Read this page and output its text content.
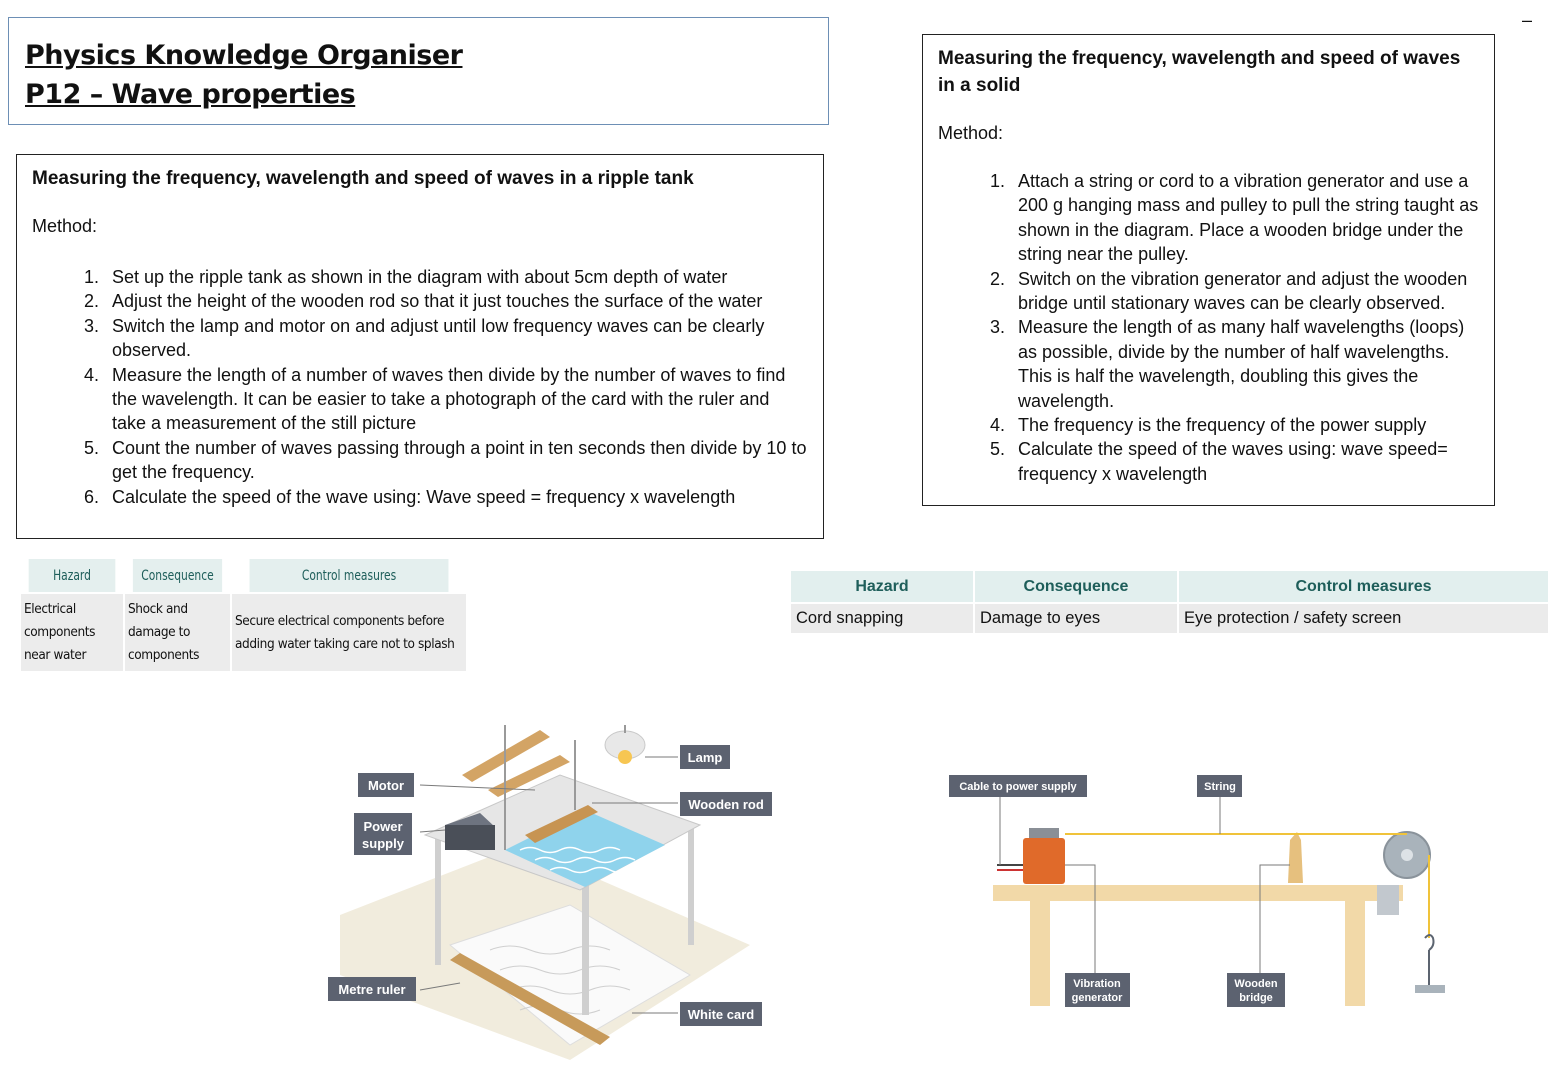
Physics Knowledge Organiser
P12 – Wave properties
–
Measuring the frequency, wavelength and speed of waves in a ripple tank
Method:
1. Set up the ripple tank as shown in the diagram with about 5cm depth of water
2. Adjust the height of the wooden rod so that it just touches the surface of the water
3. Switch the lamp and motor on and adjust until low frequency waves can be clearly observed.
4. Measure the length of a number of waves then divide by the number of waves to find the wavelength. It can be easier to take a photograph of the card with the ruler and take a measurement of the still picture
5. Count the number of waves passing through a point in ten seconds then divide by 10 to get the frequency.
6. Calculate the speed of the wave using: Wave speed = frequency x wavelength
Measuring the frequency, wavelength and speed of waves in a solid
Method:
1. Attach a string or cord to a vibration generator and use a 200 g hanging mass and pulley to pull the string taught as shown in the diagram. Place a wooden bridge under the string near the pulley.
2. Switch on the vibration generator and adjust the wooden bridge until stationary waves can be clearly observed.
3. Measure the length of as many half wavelengths (loops) as possible, divide by the number of half wavelengths. This is half the wavelength, doubling this gives the wavelength.
4. The frequency is the frequency of the power supply
5. Calculate the speed of the waves using: wave speed= frequency x wavelength
Hazard	Consequence	Control measures
Electrical components near water	Shock and damage to components	Secure electrical components before adding water taking care not to splash
Hazard	Consequence	Control measures
Cord snapping	Damage to eyes	Eye protection / safety screen
Motor
Power
supply
Lamp
Wooden rod
Metre ruler
White card
Cable to power supply	String
Vibration
generator
Wooden
bridge
